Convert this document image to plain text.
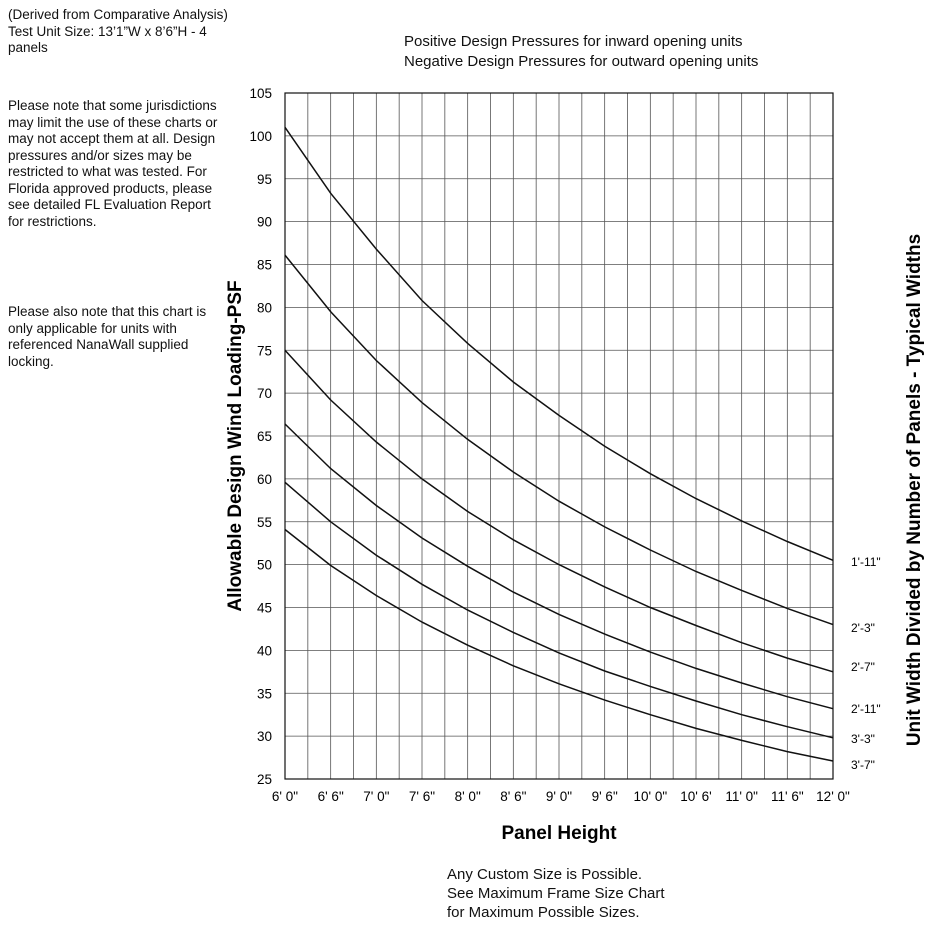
(Derived from Comparative Analysis) Test Unit Size: 13’1”W x 8’6”H - 4 panels
Please note that some jurisdictions may limit the use of these charts or may not accept them at all. Design pressures and/or sizes may be restricted to what was tested. For Florida approved products, please see detailed FL Evaluation Report for restrictions.
Please also note that this chart is only applicable for units with referenced NanaWall supplied locking.
Positive Design Pressures for inward opening units
Negative Design Pressures for outward opening units
25
30
35
40
45
50
55
60
65
70
75
80
85
90
95
100
105
6' 0" 6' 6" 7' 0" 7' 6" 8' 0" 8' 6" 9' 0" 9' 6" 10' 0" 10' 6' 11' 0" 11' 6" 12' 0"
1'-11"
2'-3"
2'-7"
2'-11"
3'-3"
3'-7"
Allowable Design Wind Loading-PSF
Panel Height
Unit Width Divided by Number of Panels - Typical Widths
Any Custom Size is Possible.
See Maximum Frame Size Chart
for Maximum Possible Sizes.
